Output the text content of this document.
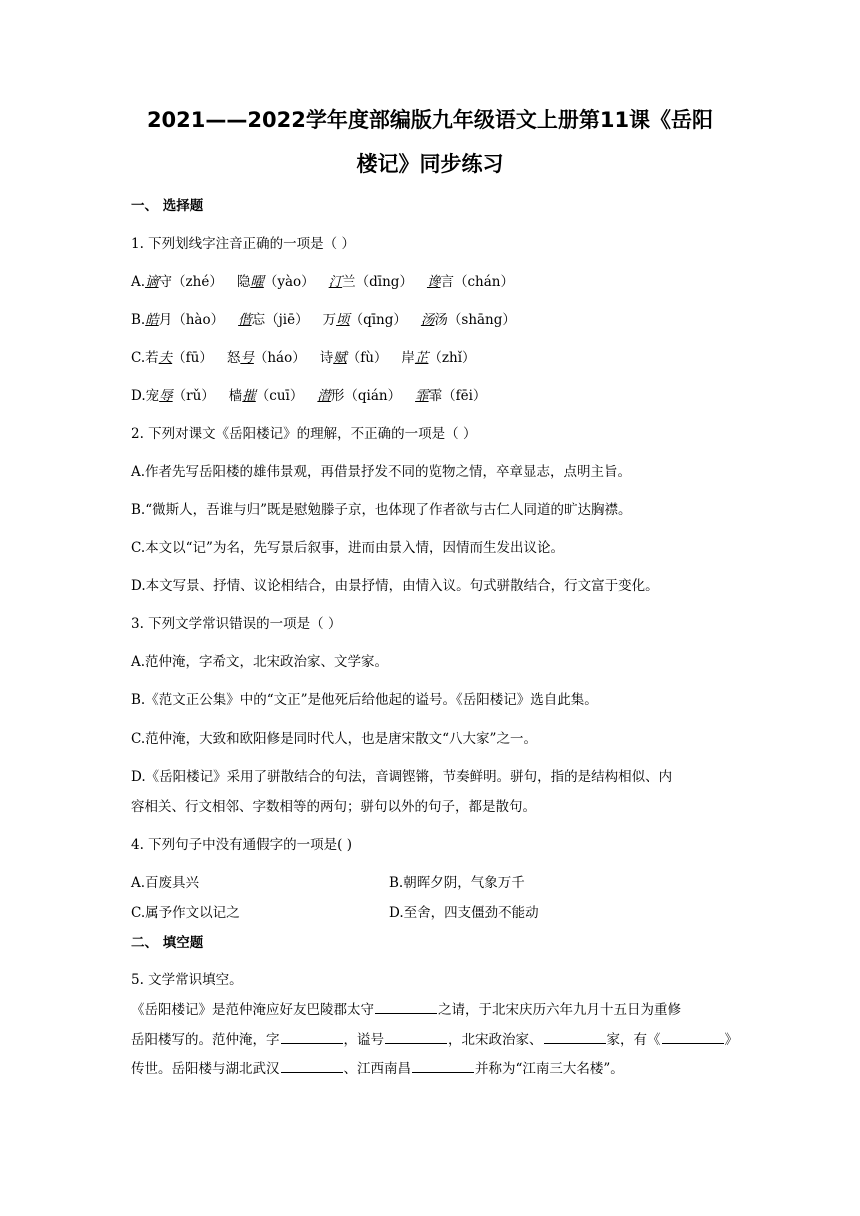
2021——2022学年度部编版九年级语文上册第11课《岳阳
楼记》同步练习
一、 选择题
1. 下列划线字注音正确的一项是（ ）
A.谪守（zhé） 隐曜（yào） 汀兰（dīng） 谗言（chán）
B.皓月（hào） 偕忘（jiē） 万顷（qīng） 汤汤（shāng）
C.若夫（fū） 怒号（háo） 诗赋（fù） 岸芷（zhǐ）
D.宠辱（rǔ） 樯摧（cuī） 潜形（qián） 霏霏（fēi）
2. 下列对课文《岳阳楼记》的理解，不正确的一项是（ ）
A.作者先写岳阳楼的雄伟景观，再借景抒发不同的览物之情，卒章显志，点明主旨。
B.“微斯人，吾谁与归”既是慰勉滕子京，也体现了作者欲与古仁人同道的旷达胸襟。
C.本文以“记”为名，先写景后叙事，进而由景入情，因情而生发出议论。
D.本文写景、抒情、议论相结合，由景抒情，由情入议。句式骈散结合，行文富于变化。
3. 下列文学常识错误的一项是（ ）
A.范仲淹，字希文，北宋政治家、文学家。
B.《范文正公集》中的“文正”是他死后给他起的谥号。《岳阳楼记》选自此集。
C.范仲淹，大致和欧阳修是同时代人，也是唐宋散文“八大家”之一。
D.《岳阳楼记》采用了骈散结合的句法，音调铿锵，节奏鲜明。骈句，指的是结构相似、内
容相关、行文相邻、字数相等的两句；骈句以外的句子，都是散句。
4. 下列句子中没有通假字的一项是( )
A.百废具兴	B.朝晖夕阴，气象万千
C.属予作文以记之	D.至舍，四支僵劲不能动
二、 填空题
5. 文学常识填空。
《岳阳楼记》是范仲淹应好友巴陵郡太守	之请，于北宋庆历六年九月十五日为重修
岳阳楼写的。范仲淹，字	，谥号	，北宋政治家、	家，有《	》
传世。岳阳楼与湖北武汉	、江西南昌	并称为“江南三大名楼”。
